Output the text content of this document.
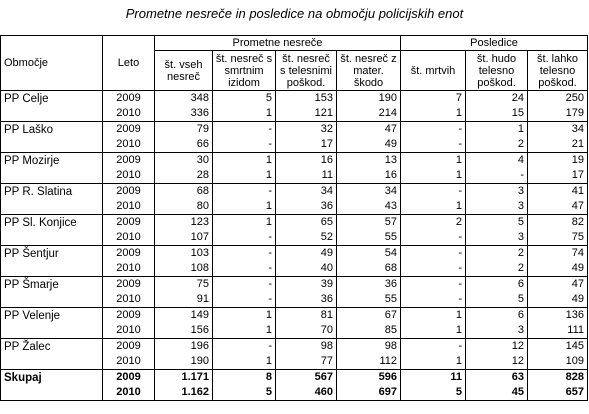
Prometne nesreče in posledice na območju policijskih enot
Območje	Leto	Prometne nesreče				Posledice		
		št. vseh nesreč	št. nesreč s smrtnim izidom	št. nesreč s telesnimi poškod.	št. nesreč z mater. škodo	št. mrtvih	št. hudo telesno poškod.	št. lahko telesno poškod.
PP Celje	2009	348	5	153	190	7	24	250
	2010	336	1	121	214	1	15	179
PP Laško	2009	79	-	32	47	-	1	34
	2010	66	-	17	49	-	2	21
PP Mozirje	2009	30	1	16	13	1	4	19
	2010	28	1	11	16	1	-	17
PP R. Slatina	2009	68	-	34	34	-	3	41
	2010	80	1	36	43	1	3	47
PP Sl. Konjice	2009	123	1	65	57	2	5	82
	2010	107	-	52	55	-	3	75
PP Šentjur	2009	103	-	49	54	-	2	74
	2010	108	-	40	68	-	2	49
PP Šmarje	2009	75	-	39	36	-	6	47
	2010	91	-	36	55	-	5	49
PP Velenje	2009	149	1	81	67	1	6	136
	2010	156	1	70	85	1	3	111
PP Žalec	2009	196	-	98	98	-	12	145
	2010	190	1	77	112	1	12	109
Skupaj	2009	1.171	8	567	596	11	63	828
	2010	1.162	5	460	697	5	45	657
